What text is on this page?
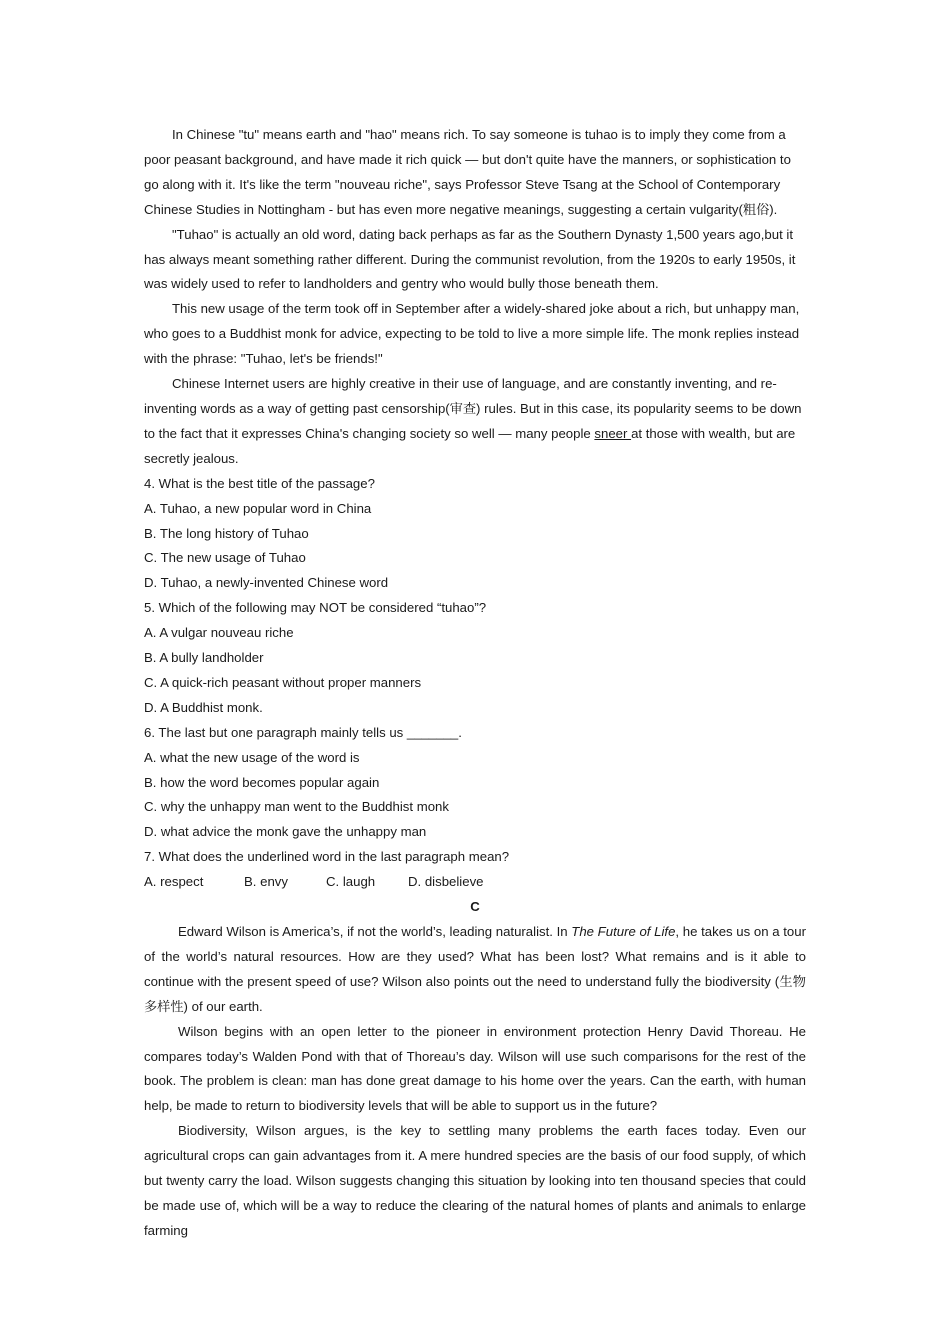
In Chinese "tu" means earth and "hao" means rich. To say someone is tuhao is to imply they come from a poor peasant background, and have made it rich quick — but don't quite have the manners, or sophistication to go along with it. It's like the term "nouveau riche", says Professor Steve Tsang at the School of Contemporary Chinese Studies in Nottingham - but has even more negative meanings, suggesting a certain vulgarity(粗俗).

"Tuhao" is actually an old word, dating back perhaps as far as the Southern Dynasty 1,500 years ago,but it has always meant something rather different. During the communist revolution, from the 1920s to early 1950s, it was widely used to refer to landholders and gentry who would bully those beneath them.

This new usage of the term took off in September after a widely-shared joke about a rich, but unhappy man, who goes to a Buddhist monk for advice, expecting to be told to live a more simple life. The monk replies instead with the phrase: "Tuhao, let's be friends!"

Chinese Internet users are highly creative in their use of language, and are constantly inventing, and re-inventing words as a way of getting past censorship(审查) rules. But in this case, its popularity seems to be down to the fact that it expresses China's changing society so well — many people sneer at those with wealth, but are secretly jealous.

4. What is the best title of the passage?

A. Tuhao, a new popular word in China

B. The long history of Tuhao

C. The new usage of Tuhao

D. Tuhao, a newly-invented Chinese word

5. Which of the following may NOT be considered “tuhao”?

A. A vulgar nouveau riche

B. A bully landholder

C. A quick-rich peasant without proper manners

D. A Buddhist monk.

6. The last but one paragraph mainly tells us _______.

A. what the new usage of the word is

B. how the word becomes popular again

C. why the unhappy man went to the Buddhist monk

D. what advice the monk gave the unhappy man

7. What does the underlined word in the last paragraph mean?

A. respect	B. envy	C. laugh D. disbelieve

C

Edward Wilson is America’s, if not the world’s, leading naturalist. In The Future of Life, he takes us on a tour of the world’s natural resources. How are they used? What has been lost? What remains and is it able to continue with the present speed of use? Wilson also points out the need to understand fully the biodiversity (生物多样性) of our earth.

Wilson begins with an open letter to the pioneer in environment protection Henry David Thoreau. He compares today’s Walden Pond with that of Thoreau’s day. Wilson will use such comparisons for the rest of the book. The problem is clean: man has done great damage to his home over the years. Can the earth, with human help, be made to return to biodiversity levels that will be able to support us in the future?

Biodiversity, Wilson argues, is the key to settling many problems the earth faces today. Even our agricultural crops can gain advantages from it. A mere hundred species are the basis of our food supply, of which but twenty carry the load. Wilson suggests changing this situation by looking into ten thousand species that could be made use of, which will be a way to reduce the clearing of the natural homes of plants and animals to enlarge farming
